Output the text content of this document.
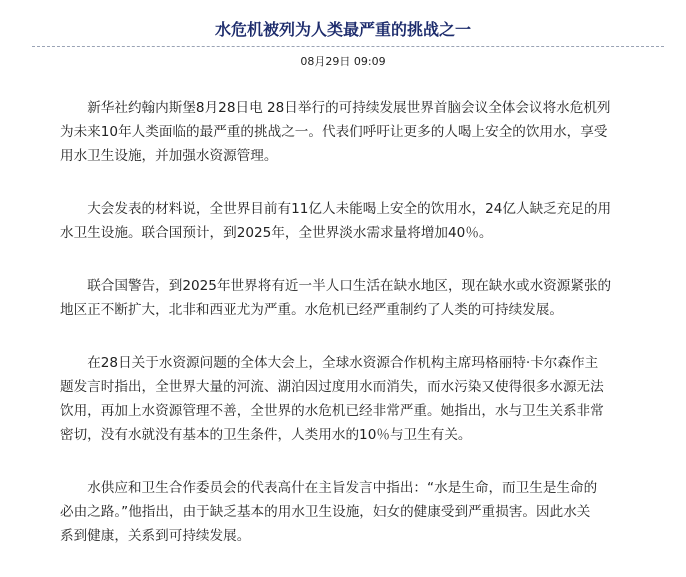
水危机被列为人类最严重的挑战之一
08月29日 09:09

新华社约翰内斯堡8月28日电 28日举行的可持续发展世界首脑会议全体会议将水危机列
为未来10年人类面临的最严重的挑战之一。代表们呼吁让更多的人喝上安全的饮用水，享受
用水卫生设施，并加强水资源管理。

大会发表的材料说，全世界目前有11亿人未能喝上安全的饮用水，24亿人缺乏充足的用
水卫生设施。联合国预计，到2025年，全世界淡水需求量将增加40％。

联合国警告，到2025年世界将有近一半人口生活在缺水地区，现在缺水或水资源紧张的
地区正不断扩大，北非和西亚尤为严重。水危机已经严重制约了人类的可持续发展。

在28日关于水资源问题的全体大会上，全球水资源合作机构主席玛格丽特·卡尔森作主
题发言时指出，全世界大量的河流、湖泊因过度用水而消失，而水污染又使得很多水源无法
饮用，再加上水资源管理不善，全世界的水危机已经非常严重。她指出，水与卫生关系非常
密切，没有水就没有基本的卫生条件，人类用水的10％与卫生有关。

水供应和卫生合作委员会的代表高什在主旨发言中指出：“水是生命，而卫生是生命的
必由之路。”他指出，由于缺乏基本的用水卫生设施，妇女的健康受到严重损害。因此水关
系到健康，关系到可持续发展。
